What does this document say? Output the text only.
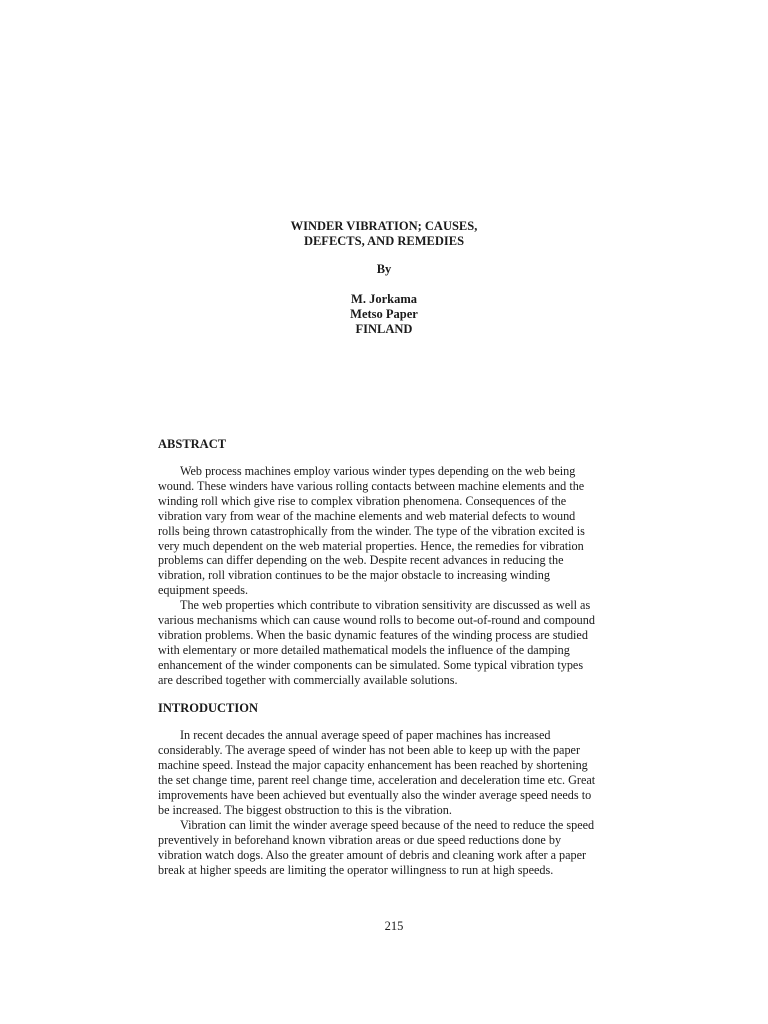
WINDER VIBRATION; CAUSES,
DEFECTS, AND REMEDIES
By
M. Jorkama
Metso Paper
FINLAND
ABSTRACT
Web process machines employ various winder types depending on the web being
wound. These winders have various rolling contacts between machine elements and the
winding roll which give rise to complex vibration phenomena. Consequences of the
vibration vary from wear of the machine elements and web material defects to wound
rolls being thrown catastrophically from the winder. The type of the vibration excited is
very much dependent on the web material properties. Hence, the remedies for vibration
problems can differ depending on the web. Despite recent advances in reducing the
vibration, roll vibration continues to be the major obstacle to increasing winding
equipment speeds.
The web properties which contribute to vibration sensitivity are discussed as well as
various mechanisms which can cause wound rolls to become out-of-round and compound
vibration problems. When the basic dynamic features of the winding process are studied
with elementary or more detailed mathematical models the influence of the damping
enhancement of the winder components can be simulated. Some typical vibration types
are described together with commercially available solutions.
INTRODUCTION
In recent decades the annual average speed of paper machines has increased
considerably. The average speed of winder has not been able to keep up with the paper
machine speed. Instead the major capacity enhancement has been reached by shortening
the set change time, parent reel change time, acceleration and deceleration time etc. Great
improvements have been achieved but eventually also the winder average speed needs to
be increased. The biggest obstruction to this is the vibration.
Vibration can limit the winder average speed because of the need to reduce the speed
preventively in beforehand known vibration areas or due speed reductions done by
vibration watch dogs. Also the greater amount of debris and cleaning work after a paper
break at higher speeds are limiting the operator willingness to run at high speeds.
215
